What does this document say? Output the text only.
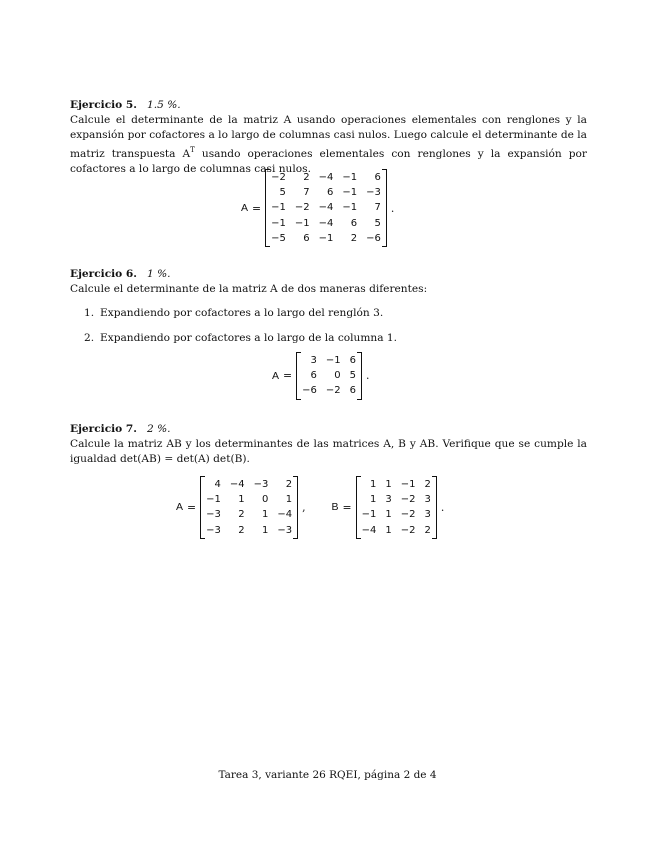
Ejercicio 5. 1.5 %.

Calcule el determinante de la matriz A usando operaciones elementales con renglones y la expansión por cofactores a lo largo de columnas casi nulos. Luego calcule el determinante de la matriz transpuesta $A^T$ usando operaciones elementales con renglones y la expansión por cofactores a lo largo de columnas casi nulos.

Ejercicio 6. 1 %.

Calcule el determinante de la matriz A de dos maneras diferentes:

1. Expandiendo por cofactores a lo largo del renglón 3.
2. Expandiendo por cofactores a lo largo de la columna 1.

Ejercicio 7. 2 %.

Calcule la matriz AB y los determinantes de las matrices A, B y AB. Verifique que se cumple la igualdad det(AB) = det(A) det(B).

A =
−2	2	−4	−1	6
5	7	6	−1	−3
−1	−2	−4	−1	7
−1	−1	−4	6	5
−5	6	−1	2	−6
.
A =
3	−1	6
6	0	5
−6	−2	6
.
A =
4	−4	−3	2
−1	1	0	1
−3	2	1	−4
−3	2	1	−3
, B =
1	1	−1	2
1	3	−2	3
−1	1	−2	3
−4	1	−2	2
.
Tarea 3, variante 26 RQEI, página 2 de 4
